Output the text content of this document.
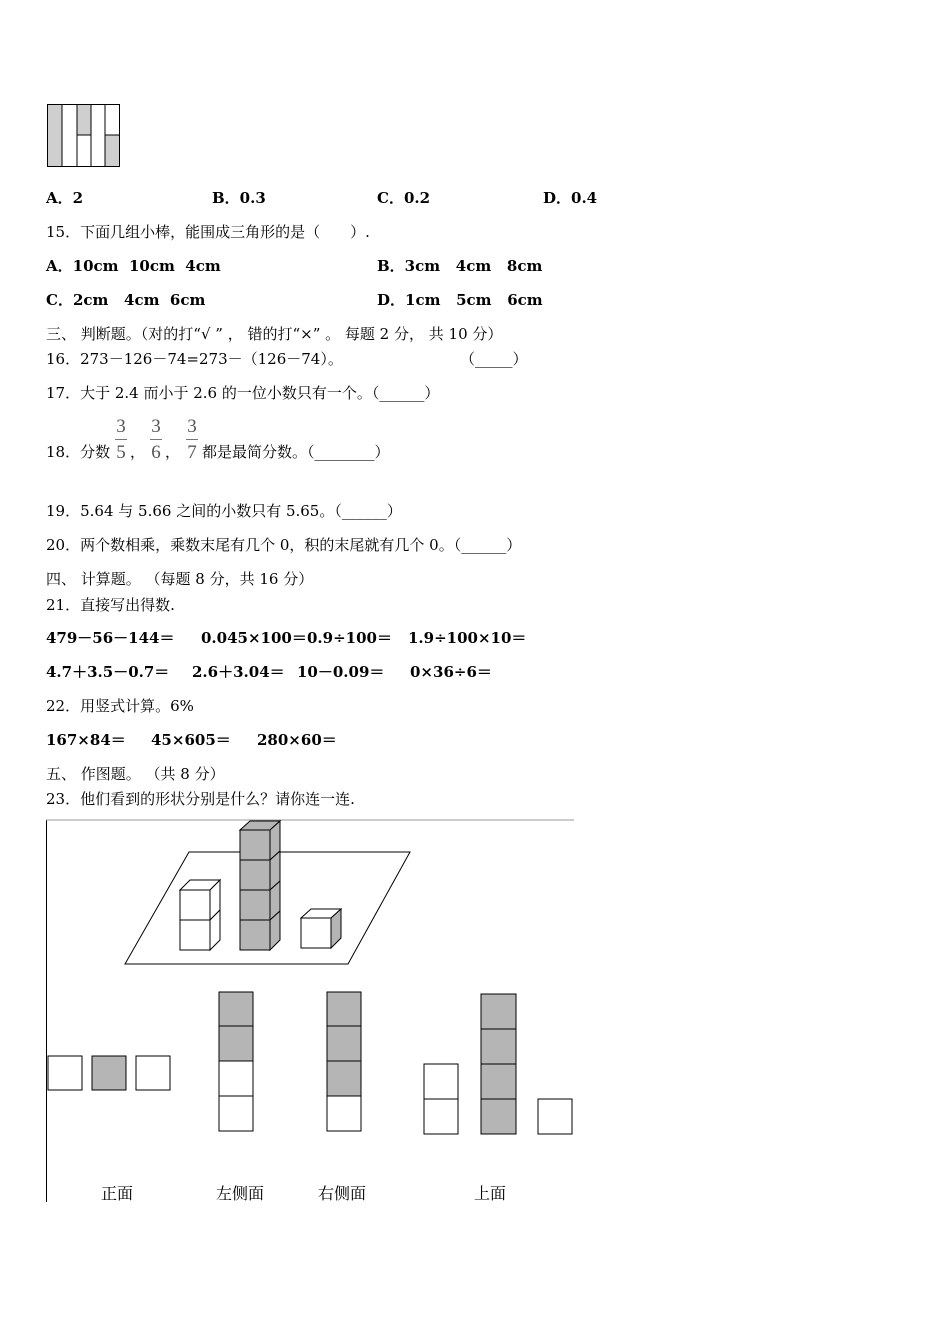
A．2	B．0.3	C．0.2	D．0.4
15．下面几组小棒，能围成三角形的是（　　）.
A．10cm  10cm  4cm	B．3cm   4cm   8cm
C．2cm   4cm  6cm	D．1cm   5cm   6cm
三、 判断题。（对的打“√ ” ， 错的打“×” 。 每题 2 分， 共 10 分）
16．273－126－74=273－（126－74）。	（_____）
17．大于 2.4 而小于 2.6 的一位小数只有一个。（______）
18．分数
3
5 ，
3
6 ，
3
7 都是最简分数。（________）
19．5.64 与 5.66 之间的小数只有 5.65。（______）
20．两个数相乘，乘数末尾有几个 0，积的末尾就有几个 0。（______）
四、 计算题。 （每题 8 分，共 16 分）
21．直接写出得数.
479－56－144＝ 0.045×100＝ 0.9÷100＝ 1.9÷100×10＝
4.7＋3.5－0.7＝ 2.6＋3.04＝ 10－0.09＝ 0×36÷6＝
22．用竖式计算。6%
167×84＝ 45×605＝ 280×60＝
五、 作图题。 （共 8 分）
23．他们看到的形状分别是什么？请你连一连.
正面	左侧面	右侧面	上面
